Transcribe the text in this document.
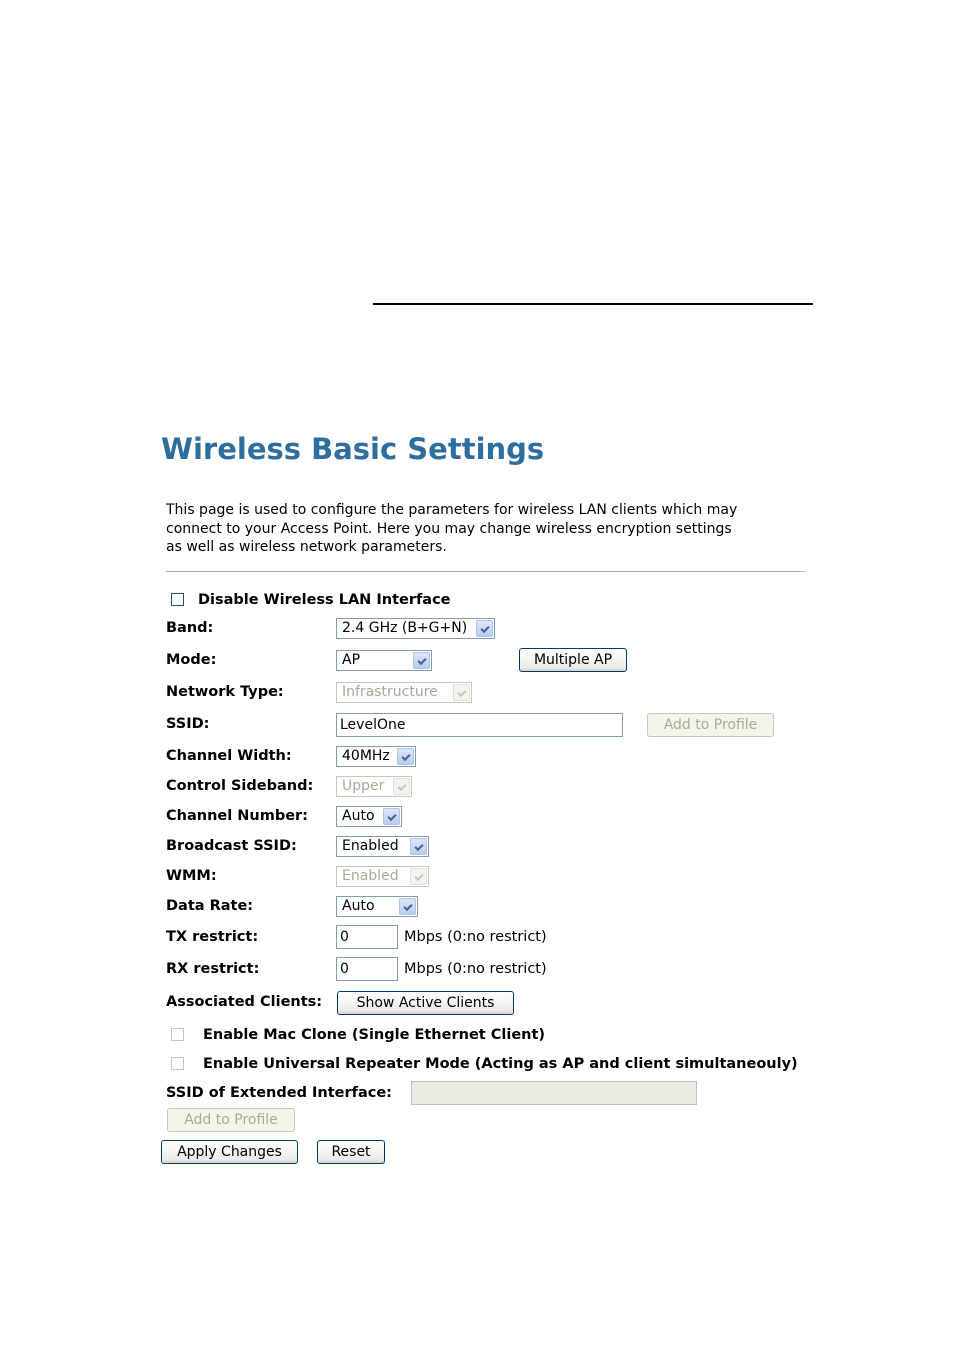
Wireless Basic Settings
This page is used to configure the parameters for wireless LAN clients which may
connect to your Access Point. Here you may change wireless encryption settings
as well as wireless network parameters.
Disable Wireless LAN Interface
Band:	2.4 GHz (B+G+N)
Mode:	AP	Multiple AP
Network Type:	Infrastructure
SSID:	LevelOne	Add to Profile
Channel Width:	40MHz
Control Sideband:	Upper
Channel Number:	Auto
Broadcast SSID:	Enabled
WMM:	Enabled
Data Rate:	Auto
TX restrict:	0	Mbps (0:no restrict)
RX restrict:	0	Mbps (0:no restrict)
Associated Clients:	Show Active Clients
Enable Mac Clone (Single Ethernet Client)
Enable Universal Repeater Mode (Acting as AP and client simultaneouly)
SSID of Extended Interface:
Add to Profile
Apply Changes	Reset
